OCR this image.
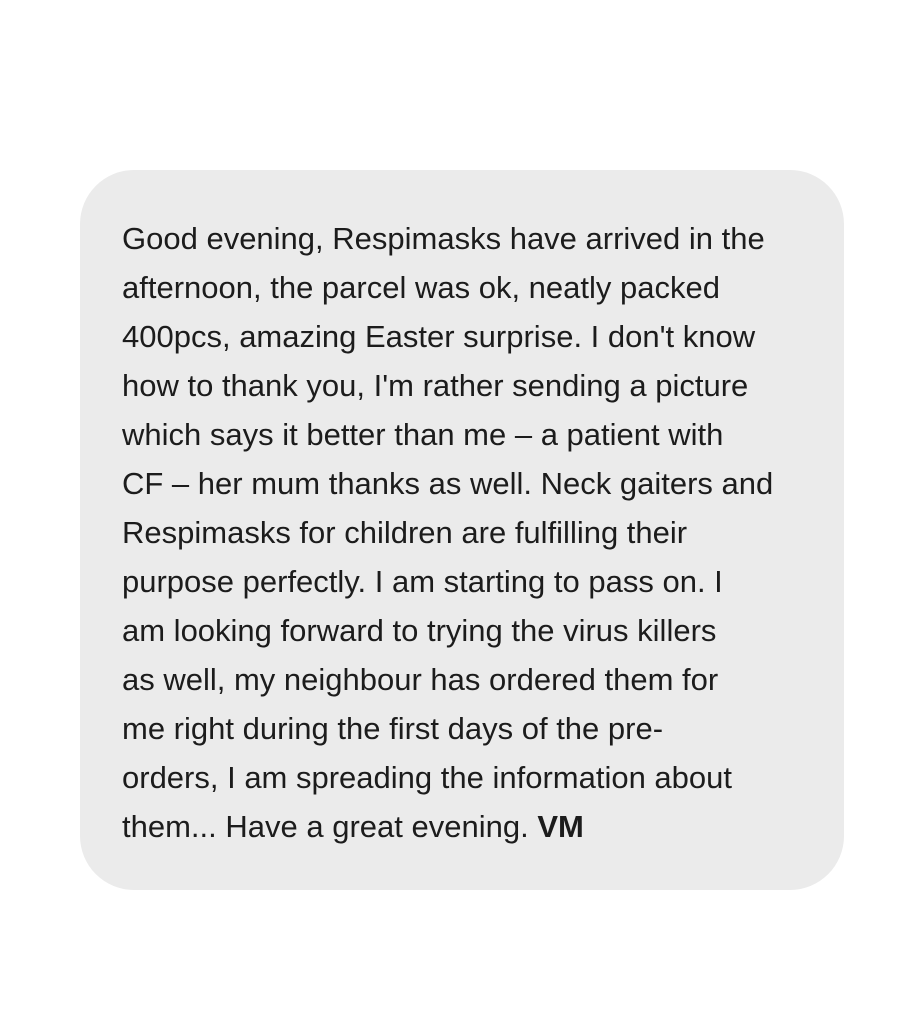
Good evening, Respimasks have arrived in the
afternoon, the parcel was ok, neatly packed
400pcs, amazing Easter surprise. I don't know
how to thank you, I'm rather sending a picture
which says it better than me – a patient with
CF – her mum thanks as well. Neck gaiters and
Respimasks for children are fulfilling their
purpose perfectly. I am starting to pass on. I
am looking forward to trying the virus killers
as well, my neighbour has ordered them for
me right during the first days of the pre-
orders, I am spreading the information about
them... Have a great evening. VM
